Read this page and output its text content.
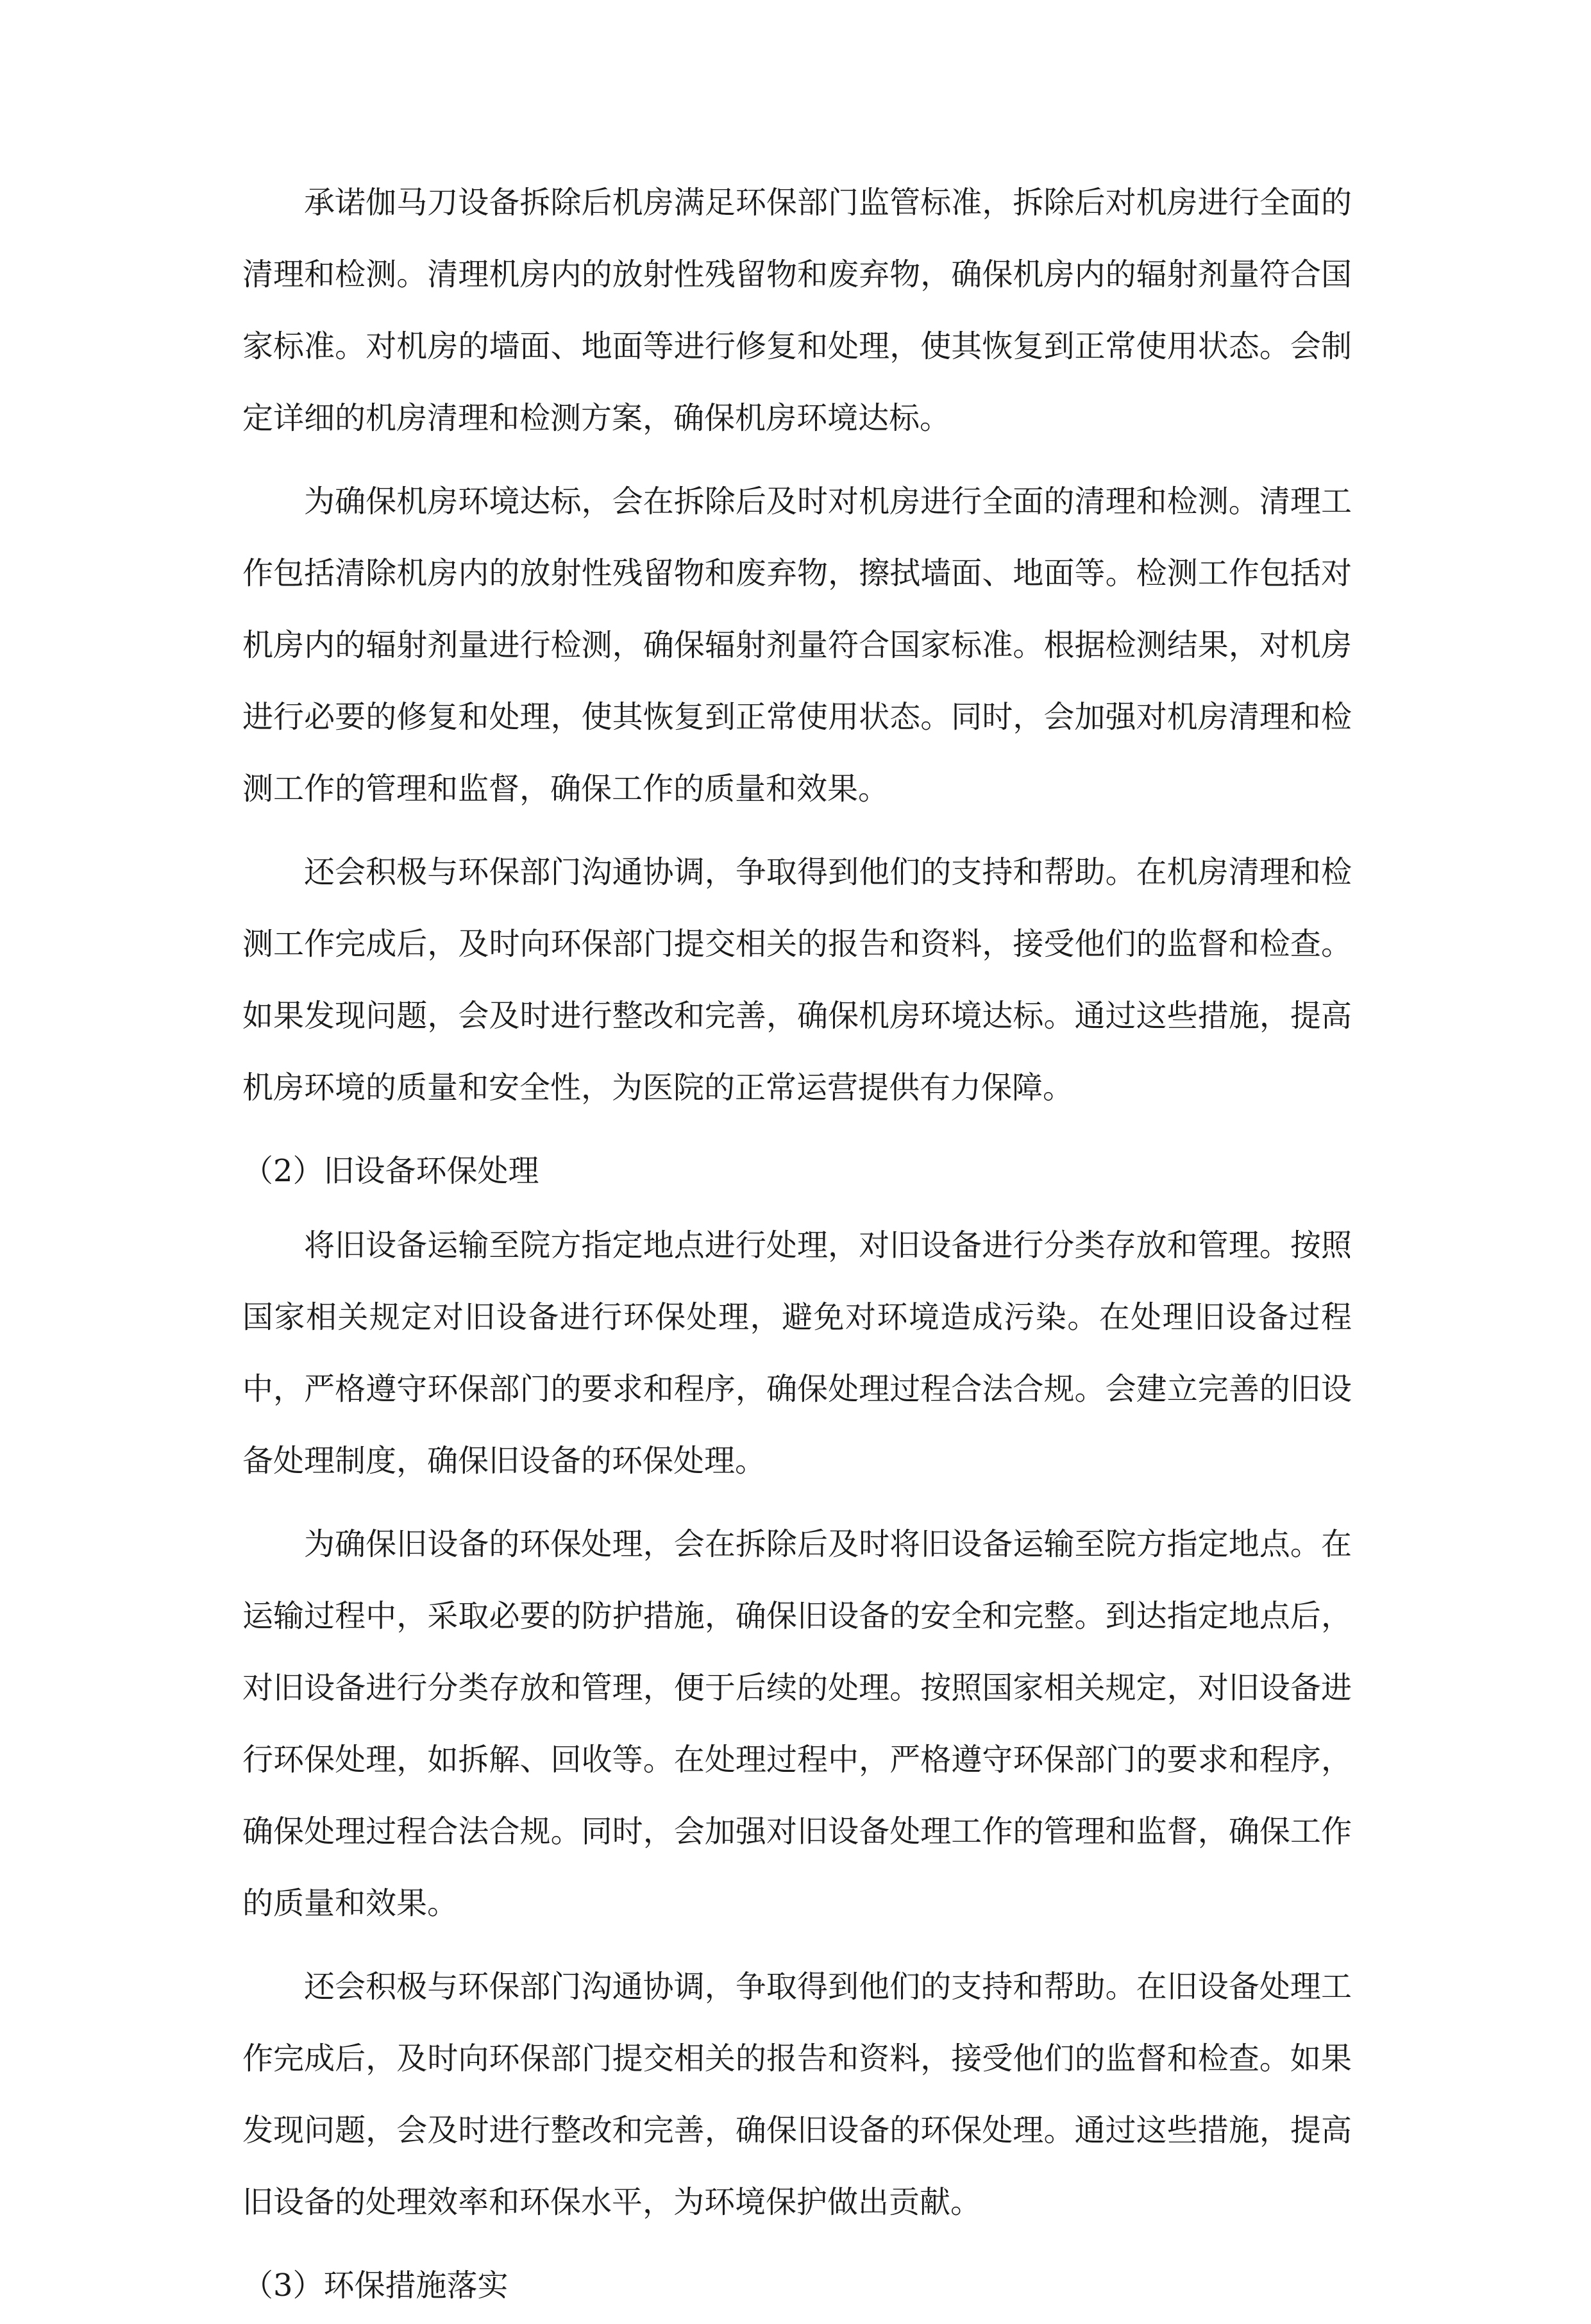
承诺伽马刀设备拆除后机房满足环保部门监管标准，拆除后对机房进行全面的清理和检测。清理机房内的放射性残留物和废弃物，确保机房内的辐射剂量符合国家标准。对机房的墙面、地面等进行修复和处理，使其恢复到正常使用状态。会制定详细的机房清理和检测方案，确保机房环境达标。

为确保机房环境达标，会在拆除后及时对机房进行全面的清理和检测。清理工作包括清除机房内的放射性残留物和废弃物，擦拭墙面、地面等。检测工作包括对机房内的辐射剂量进行检测，确保辐射剂量符合国家标准。根据检测结果，对机房进行必要的修复和处理，使其恢复到正常使用状态。同时，会加强对机房清理和检测工作的管理和监督，确保工作的质量和效果。

还会积极与环保部门沟通协调，争取得到他们的支持和帮助。在机房清理和检测工作完成后，及时向环保部门提交相关的报告和资料，接受他们的监督和检查。如果发现问题，会及时进行整改和完善，确保机房环境达标。通过这些措施，提高机房环境的质量和安全性，为医院的正常运营提供有力保障。

（2）旧设备环保处理

将旧设备运输至院方指定地点进行处理，对旧设备进行分类存放和管理。按照国家相关规定对旧设备进行环保处理，避免对环境造成污染。在处理旧设备过程中，严格遵守环保部门的要求和程序，确保处理过程合法合规。会建立完善的旧设备处理制度，确保旧设备的环保处理。

为确保旧设备的环保处理，会在拆除后及时将旧设备运输至院方指定地点。在运输过程中，采取必要的防护措施，确保旧设备的安全和完整。到达指定地点后，对旧设备进行分类存放和管理，便于后续的处理。按照国家相关规定，对旧设备进行环保处理，如拆解、回收等。在处理过程中，严格遵守环保部门的要求和程序，确保处理过程合法合规。同时，会加强对旧设备处理工作的管理和监督，确保工作的质量和效果。

还会积极与环保部门沟通协调，争取得到他们的支持和帮助。在旧设备处理工作完成后，及时向环保部门提交相关的报告和资料，接受他们的监督和检查。如果发现问题，会及时进行整改和完善，确保旧设备的环保处理。通过这些措施，提高旧设备的处理效率和环保水平，为环境保护做出贡献。

（3）环保措施落实
